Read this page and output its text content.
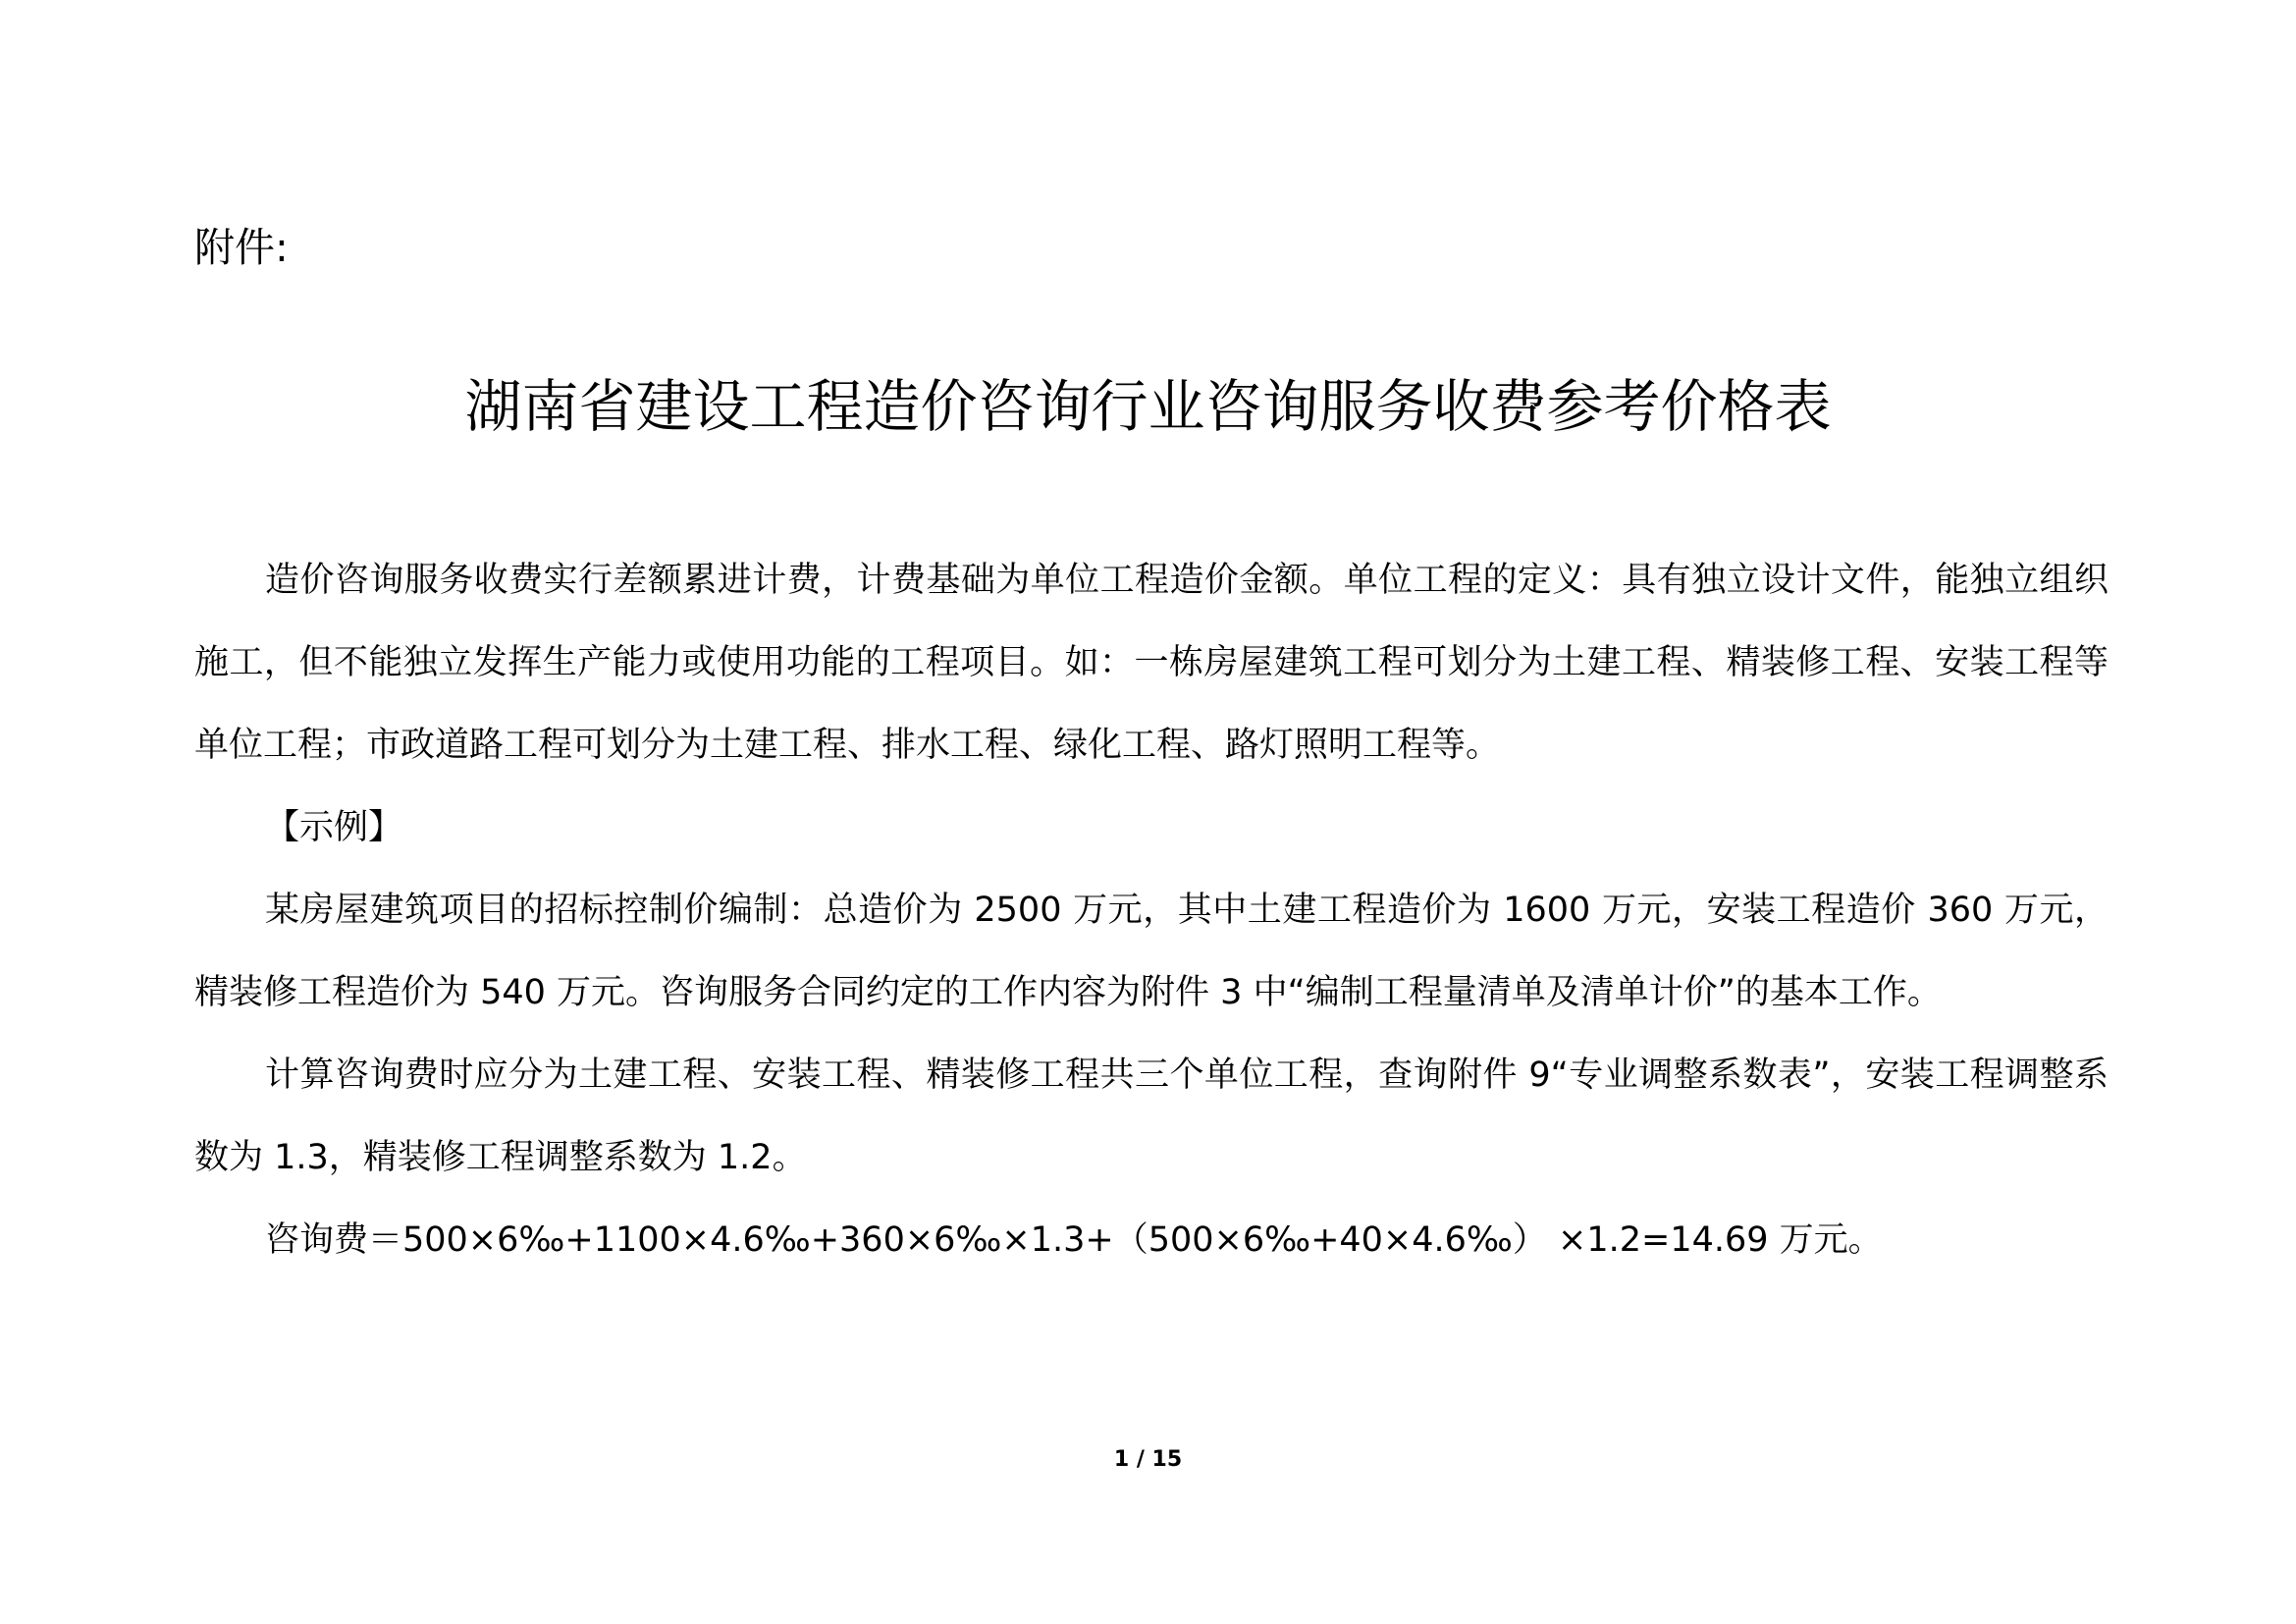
附件:
湖南省建设工程造价咨询行业咨询服务收费参考价格表

造价咨询服务收费实行差额累进计费，计费基础为单位工程造价金额。单位工程的定义：具有独立设计文件，能独立组织施工，但不能独立发挥生产能力或使用功能的工程项目。如：一栋房屋建筑工程可划分为土建工程、精装修工程、安装工程等单位工程；市政道路工程可划分为土建工程、排水工程、绿化工程、路灯照明工程等。

【示例】

某房屋建筑项目的招标控制价编制：总造价为 2500 万元，其中土建工程造价为 1600 万元，安装工程造价 360 万元，精装修工程造价为 540 万元。咨询服务合同约定的工作内容为附件 3 中“编制工程量清单及清单计价”的基本工作。

计算咨询费时应分为土建工程、安装工程、精装修工程共三个单位工程，查询附件 9“专业调整系数表”，安装工程调整系数为 1.3，精装修工程调整系数为 1.2。

咨询费＝500×6‰+1100×4.6‰+360×6‰×1.3+（500×6‰+40×4.6‰） ×1.2=14.69 万元。

1 / 15
